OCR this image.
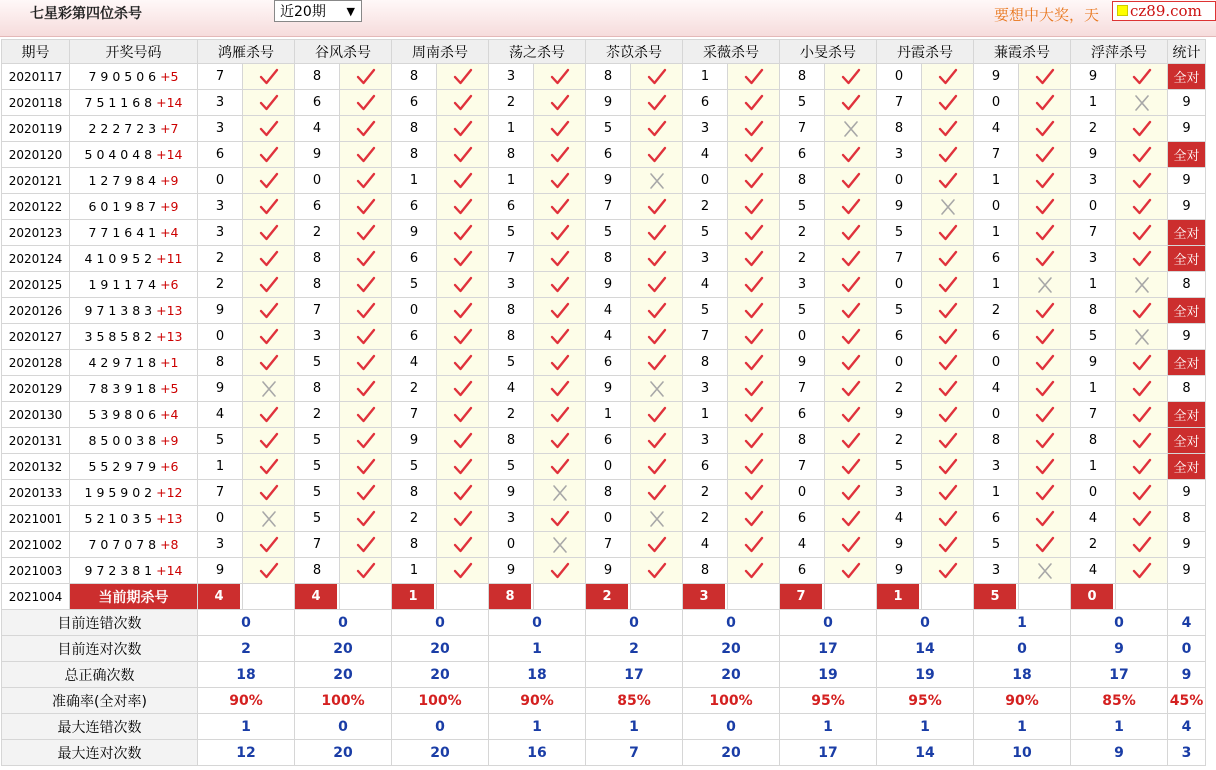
七星彩第四位杀号	近20期 ▼	要想中大奖，天	cz89.com
期号	开奖号码	鸿雁杀号		谷风杀号		周南杀号		荡之杀号		苶苡杀号		采薇杀号		小旻杀号		丹霞杀号		蒹霞杀号		浮萍杀号		统计
2020117	7 9 0 5 0 6 +5	7		8		8		3		8		1		8		0		9		9		全对
2020118	7 5 1 1 6 8 +14	3		6		6		2		9		6		5		7		0		1		9
2020119	2 2 2 7 2 3 +7	3		4		8		1		5		3		7		8		4		2		9
2020120	5 0 4 0 4 8 +14	6		9		8		8		6		4		6		3		7		9		全对
2020121	1 2 7 9 8 4 +9	0		0		1		1		9		0		8		0		1		3		9
2020122	6 0 1 9 8 7 +9	3		6		6		6		7		2		5		9		0		0		9
2020123	7 7 1 6 4 1 +4	3		2		9		5		5		5		2		5		1		7		全对
2020124	4 1 0 9 5 2 +11	2		8		6		7		8		3		2		7		6		3		全对
2020125	1 9 1 1 7 4 +6	2		8		5		3		9		4		3		0		1		1		8
2020126	9 7 1 3 8 3 +13	9		7		0		8		4		5		5		5		2		8		全对
2020127	3 5 8 5 8 2 +13	0		3		6		8		4		7		0		6		6		5		9
2020128	4 2 9 7 1 8 +1	8		5		4		5		6		8		9		0		0		9		全对
2020129	7 8 3 9 1 8 +5	9		8		2		4		9		3		7		2		4		1		8
2020130	5 3 9 8 0 6 +4	4		2		7		2		1		1		6		9		0		7		全对
2020131	8 5 0 0 3 8 +9	5		5		9		8		6		3		8		2		8		8		全对
2020132	5 5 2 9 7 9 +6	1		5		5		5		0		6		7		5		3		1		全对
2020133	1 9 5 9 0 2 +12	7		5		8		9		8		2		0		3		1		0		9
2021001	5 2 1 0 3 5 +13	0		5		2		3		0		2		6		4		6		4		8
2021002	7 0 7 0 7 8 +8	3		7		8		0		7		4		4		9		5		2		9
2021003	9 7 2 3 8 1 +14	9		8		1		9		9		8		6		9		3		4		9
2021004	当前期杀号	4		4		1		8		2		3		7		1		5		0		

目前连错次数		0		0		0		0		0		0		0		0		1		0		4
目前连对次数		2		20		20		1		2		20		17		14		0		9		0
总正确次数		18		20		20		18		17		20		19		19		18		17		9
准确率(全对率)		90%		100%		100%		90%		85%		100%		95%		95%		90%		85%		45%
最大连错次数		1		0		0		1		1		0		1		1		1		1		4
最大连对次数		12		20		20		16		7		20		17		14		10		9		3
